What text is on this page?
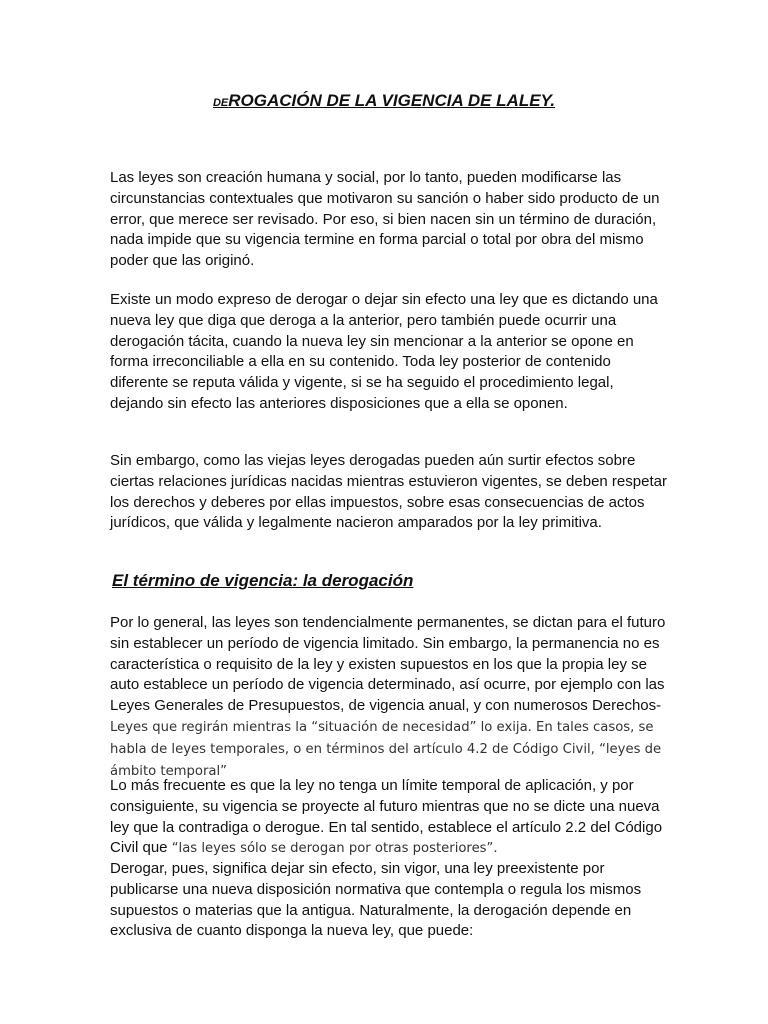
DEROGACIÓN DE LA VIGENCIA DE LALEY.

Las leyes son creación humana y social, por lo tanto, pueden modificarse las circunstancias contextuales que motivaron su sanción o haber sido producto de un error, que merece ser revisado. Por eso, si bien nacen sin un término de duración, nada impide que su vigencia termine en forma parcial o total por obra del mismo poder que las originó.

Existe un modo expreso de derogar o dejar sin efecto una ley que es dictando una nueva ley que diga que deroga a la anterior, pero también puede ocurrir una derogación tácita, cuando la nueva ley sin mencionar a la anterior se opone en forma irreconciliable a ella en su contenido. Toda ley posterior de contenido diferente se reputa válida y vigente, si se ha seguido el procedimiento legal, dejando sin efecto las anteriores disposiciones que a ella se oponen.

Sin embargo, como las viejas leyes derogadas pueden aún surtir efectos sobre ciertas relaciones jurídicas nacidas mientras estuvieron vigentes, se deben respetar los derechos y deberes por ellas impuestos, sobre esas consecuencias de actos jurídicos, que válida y legalmente nacieron amparados por la ley primitiva.

El término de vigencia: la derogación

Por lo general, las leyes son tendencialmente permanentes, se dictan para el futuro sin establecer un período de vigencia limitado. Sin embargo, la permanencia no es característica o requisito de la ley y existen supuestos en los que la propia ley se auto establece un período de vigencia determinado, así ocurre, por ejemplo con las Leyes Generales de Presupuestos, de vigencia anual, y con numerosos Derechos-Leyes que regirán mientras la “situación de necesidad” lo exija. En tales casos, se habla de leyes temporales, o en términos del artículo 4.2 de Código Civil, “leyes de ámbito temporal”

Lo más frecuente es que la ley no tenga un límite temporal de aplicación, y por consiguiente, su vigencia se proyecte al futuro mientras que no se dicte una nueva ley que la contradiga o derogue. En tal sentido, establece el artículo 2.2 del Código Civil que “las leyes sólo se derogan por otras posteriores”.

Derogar, pues, significa dejar sin efecto, sin vigor, una ley preexistente por publicarse una nueva disposición normativa que contempla o regula los mismos supuestos o materias que la antigua. Naturalmente, la derogación depende en exclusiva de cuanto disponga la nueva ley, que puede:
